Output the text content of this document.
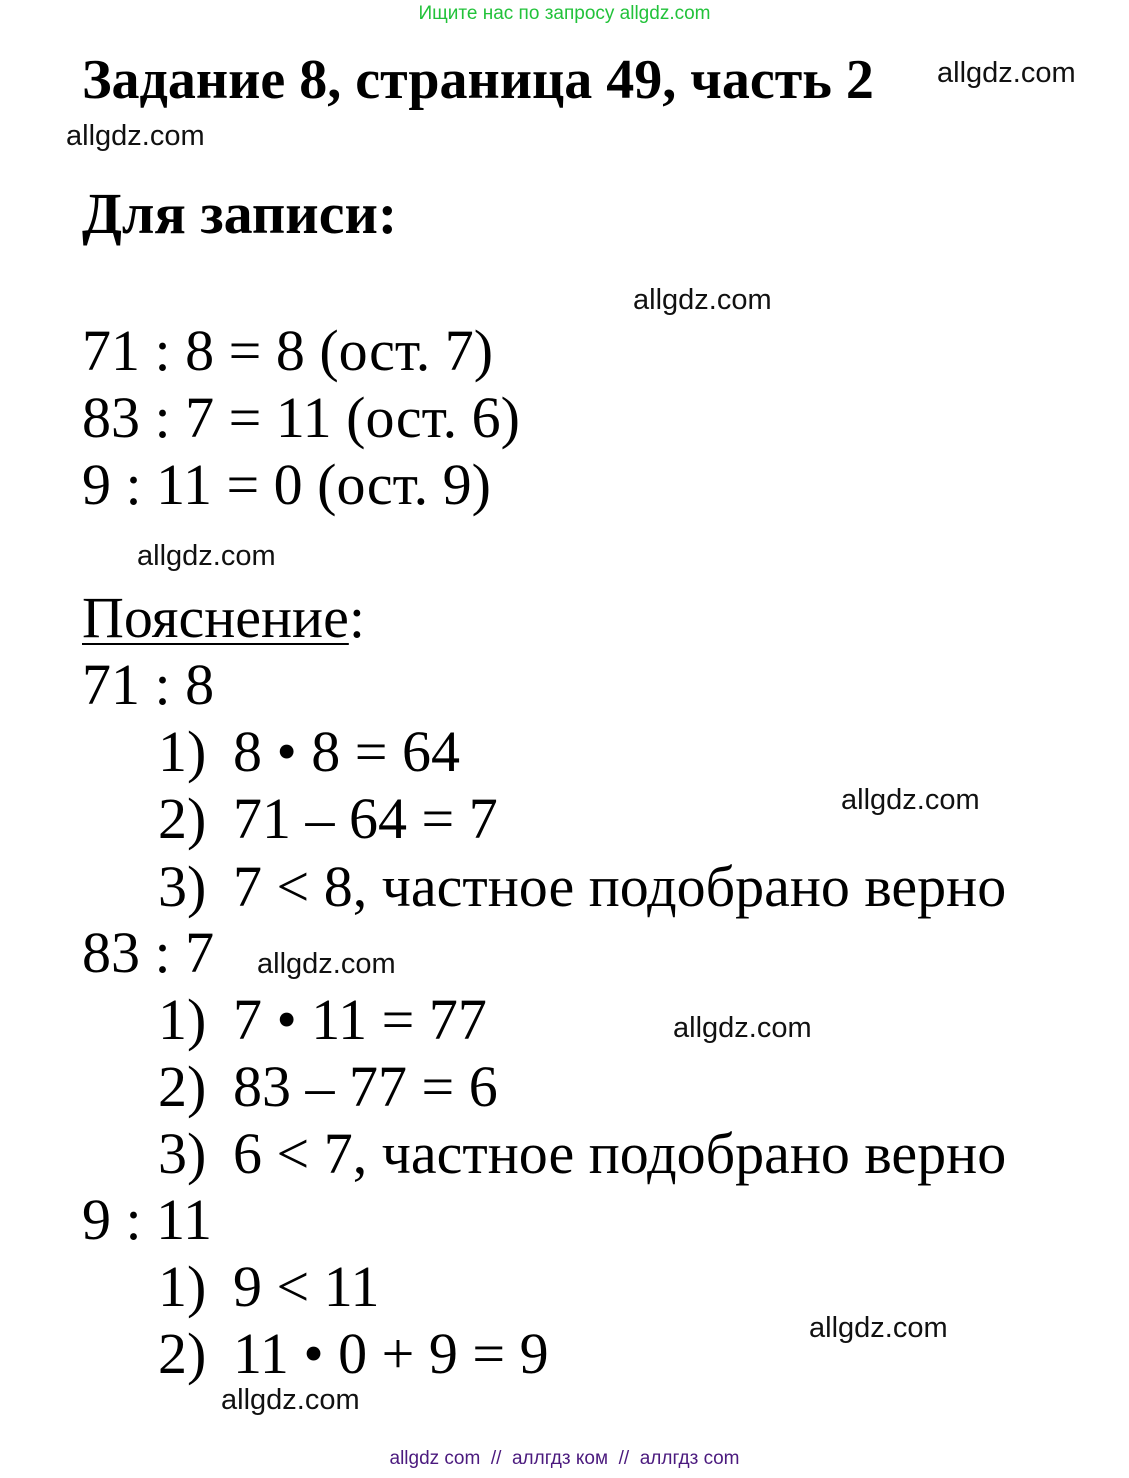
Ищите нас по запросу allgdz.com
Задание 8, страница 49, часть 2
Для записи:
71 : 8 = 8 (ост. 7)
83 : 7 = 11 (ост. 6)
9 : 11 = 0 (ост. 9)
Пояснение:
71 : 8
1) 8 • 8 = 64
2) 71 – 64 = 7
3) 7 < 8, частное подобрано верно
83 : 7
1) 7 • 11 = 77
2) 83 – 77 = 6
3) 6 < 7, частное подобрано верно
9 : 11
1) 9 < 11
2) 11 • 0 + 9 = 9
allgdz.com
allgdz.com
allgdz.com
allgdz.com
allgdz.com
allgdz.com
allgdz.com
allgdz.com
allgdz.com
allgdz com  //  аллгдз ком  //  аллгдз com
